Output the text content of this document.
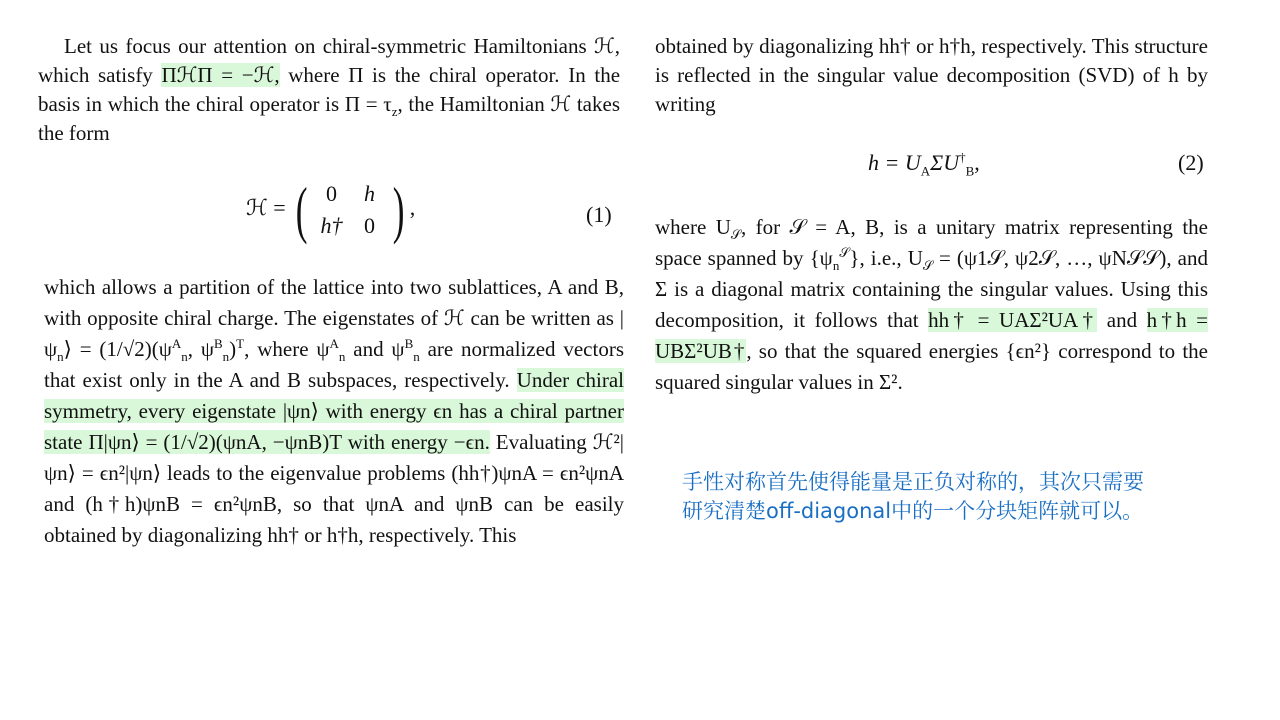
Let us focus our attention on chiral-symmetric Hamiltonians ℋ, which satisfy ΠℋΠ = −ℋ, where Π is the chiral operator. In the basis in which the chiral operator is $\Pi = \tau_z$, the Hamiltonian ℋ takes the form

ℋ = ( 0	h
h† 0 ) ,	(1)

which allows a partition of the lattice into two sublattices, A and B, with opposite chiral charge. The eigenstates of ℋ can be written as $|\psi_n⟩ = (1/√2)(\psi^A_n$, $\psi^B_n)^T$, where $\psi^A_n$ and $\psi^B_n$ are normalized vectors that exist only in the A and B subspaces, respectively. Under chiral symmetry, every eigenstate |ψn⟩ with energy ϵn has a chiral partner state Π|ψn⟩ = (1/√2)(ψnA, −ψnB)T with energy −ϵn. Evaluating ℋ²|ψn⟩ = ϵn²|ψn⟩ leads to the eigenvalue problems (hh†)ψnA = ϵn²ψnA and (h†h)ψnB = ϵn²ψnB, so that ψnA and ψnB can be easily obtained by diagonalizing hh† or h†h, respectively. This

obtained by diagonalizing hh† or h†h, respectively. This structure is reflected in the singular value decomposition (SVD) of h by writing

$h = U_A\Sigma U^\dagger_B$,	(2)

where $U_𝒮$, for 𝒮 = A, B, is a unitary matrix representing the space spanned by $\{\psi_n^𝒮\}$, i.e., $U_𝒮$ = (ψ1𝒮, ψ2𝒮, …, ψN𝒮𝒮), and Σ is a diagonal matrix containing the singular values. Using this decomposition, it follows that hh† = UAΣ²UA† and h†h = UBΣ²UB†, so that the squared energies {ϵn²} correspond to the squared singular values in Σ².

手性对称首先使得能量是正负对称的，其次只需要
研究清楚off-diagonal中的一个分块矩阵就可以。
